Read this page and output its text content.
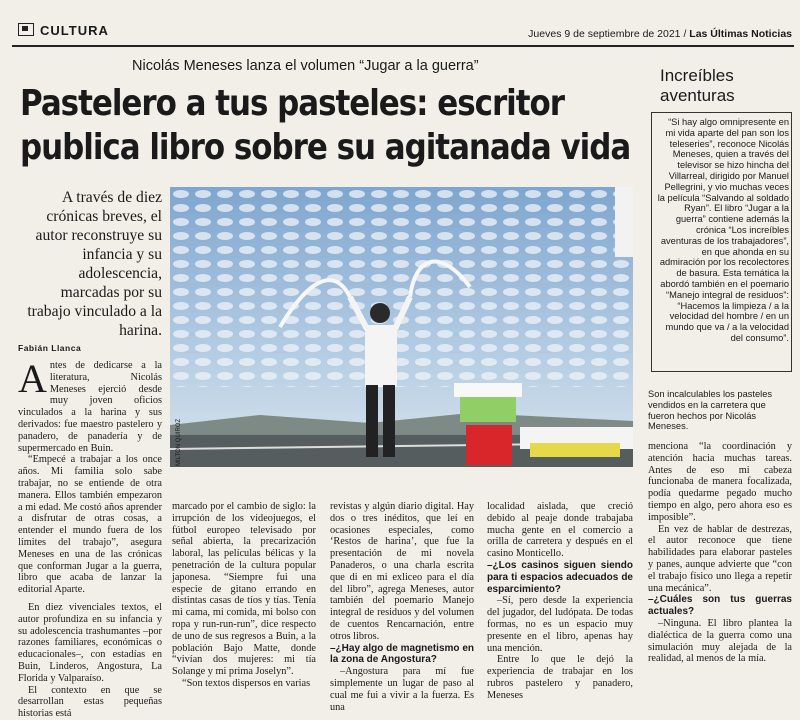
CULTURA	Jueves 9 de septiembre de 2021 / Las Últimas Noticias
Nicolás Meneses lanza el volumen “Jugar a la guerra”
Pastelero a tus pasteles: escritor
publica libro sobre su agitanada vida
A través de diez crónicas breves, el autor reconstruye su infancia y su adolescencia, marcadas por su trabajo vinculado a la harina.
Fabián Llanca
MILTON QUIROZ

Antes de dedicarse a la literatura, Nicolás Meneses ejerció desde muy joven oficios vinculados a la harina y sus derivados: fue maestro pastelero y panadero, de panadería y de supermercado en Buin.

“Empecé a trabajar a los once años. Mi familia solo sabe trabajar, no se entiende de otra manera. Ellos también empezaron a mi edad. Me costó años aprender a disfrutar de otras cosas, a entender el mundo fuera de los límites del trabajo”, asegura Meneses en una de las crónicas que conforman Jugar a la guerra, libro que acaba de lanzar la editorial Aparte.

En diez vivenciales textos, el autor profundiza en su infancia y su adolescencia trashumantes –por razones familiares, económicas o educacionales–, con estadías en Buin, Linderos, Angostura, La Florida y Valparaíso.

El contexto en que se desarrollan estas pequeñas historias está

marcado por el cambio de siglo: la irrupción de los videojuegos, el fútbol europeo televisado por señal abierta, la precarización laboral, las películas bélicas y la penetración de la cultura popular japonesa. “Siempre fui una especie de gitano errando en distintas casas de tíos y tías. Tenía mi cama, mi comida, mi bolso con ropa y run-run-run”, dice respecto de uno de sus regresos a Buin, a la población Bajo Matte, donde “vivían dos mujeres: mi tía Solange y mi prima Joselyn”.

“Son textos dispersos en varias

revistas y algún diario digital. Hay dos o tres inéditos, que leí en ocasiones especiales, como ‘Restos de harina’, que fue la presentación de mi novela Panaderos, o una charla escrita que di en mi exliceo para el día del libro”, agrega Meneses, autor también del poemario Manejo integral de residuos y del volumen de cuentos Rencarnación, entre otros libros.

–¿Hay algo de magnetismo en la zona de Angostura?

–Angostura para mí fue simplemente un lugar de paso al cual me fui a vivir a la fuerza. Es una

localidad aislada, que creció debido al peaje donde trabajaba mucha gente en el comercio a orilla de carretera y después en el casino Monticello.

–¿Los casinos siguen siendo para ti espacios adecuados de esparcimiento?

–Sí, pero desde la experiencia del jugador, del ludópata. De todas formas, no es un espacio muy presente en el libro, apenas hay una mención.

Entre lo que le dejó la experiencia de trabajar en los rubros pastelero y panadero, Meneses

menciona “la coordinación y atención hacia muchas tareas. Antes de eso mi cabeza funcionaba de manera focalizada, podía quedarme pegado mucho tiempo en algo, pero ahora eso es imposible”.

En vez de hablar de destrezas, el autor reconoce que tiene habilidades para elaborar pasteles y panes, aunque advierte que “con el trabajo físico uno llega a repetir una mecánica”.

–¿Cuáles son tus guerras actuales?

–Ninguna. El libro plantea la dialéctica de la guerra como una simulación muy alejada de la realidad, al menos de la mía.

Increíbles
aventuras
“Si hay algo omnipresente en mi vida aparte del pan son los teleseries”, reconoce Nicolás Meneses, quien a través del televisor se hizo hincha del Villarreal, dirigido por Manuel Pellegrini, y vio muchas veces la película “Salvando al soldado Ryan”. El libro “Jugar a la guerra” contiene además la crónica “Los increíbles aventuras de los trabajadores”, en que ahonda en su admiración por los recolectores de basura. Esta temática la abordó también en el poemario “Manejo integral de residuos”: “Hacemos la limpieza / a la velocidad del hombre / en un mundo que va / a la velocidad del consumo”.
Son incalculables los pasteles vendidos en la carretera que fueron hechos por Nicolás Meneses.
